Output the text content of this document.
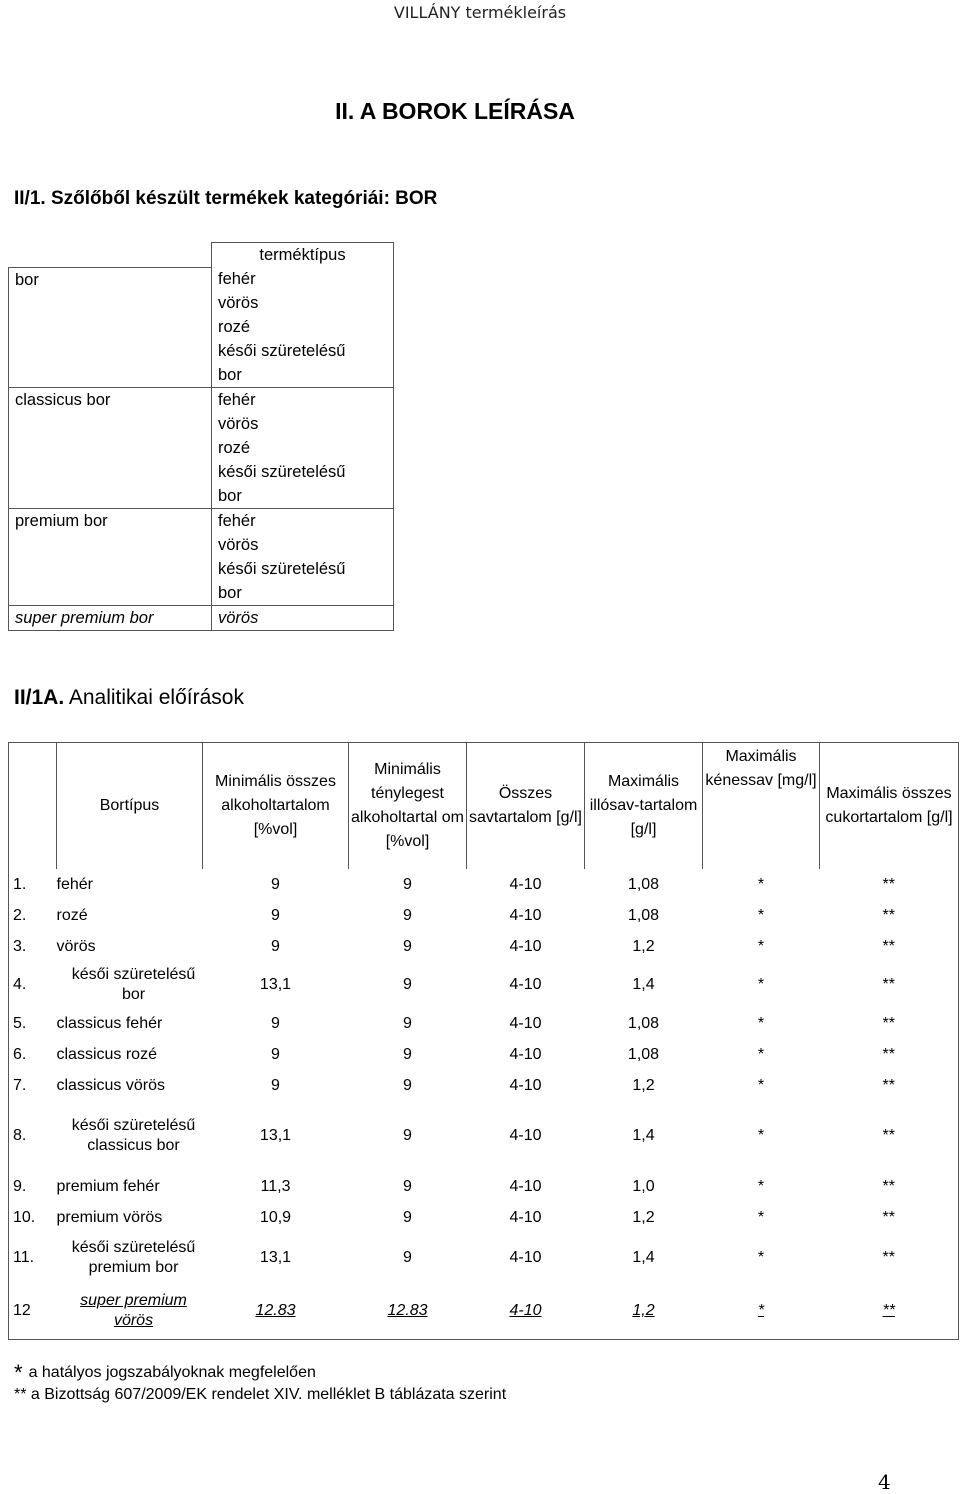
VILLÁNY termékleírás
II. A BOROK LEÍRÁSA
II/1. Szőlőből készült termékek kategóriái: BOR
	terméktípus

bor	fehér
vörös
rozé
késői szüretelésű
bor

classicus bor	fehér
vörös
rozé
késői szüretelésű
bor

premium bor	fehér
vörös
késői szüretelésű
bor

super premium bor	vörös
II/1A. Analitikai előírások
	Bortípus	Minimális összes alkoholtartalom [%vol]	Minimális ténylegest alkoholtartal om [%vol]	Összes savtartalom [g/l]	Maximális illósav-tartalom [g/l]	Maximális kénessav [mg/l]	Maximális összes cukortartalom [g/l]
1.	fehér	9	9	4-10	1,08	*	**
2.	rozé	9	9	4-10	1,08	*	**
3.	vörös	9	9	4-10	1,2	*	**
4.	késői szüretelésű bor	13,1	9	4-10	1,4	*	**
5.	classicus fehér	9	9	4-10	1,08	*	**
6.	classicus rozé	9	9	4-10	1,08	*	**
7.	classicus vörös	9	9	4-10	1,2	*	**
8.	késői szüretelésű classicus bor	13,1	9	4-10	1,4	*	**
9.	premium fehér	11,3	9	4-10	1,0	*	**
10.	premium vörös	10,9	9	4-10	1,2	*	**
11.	késői szüretelésű premium bor	13,1	9	4-10	1,4	*	**
12	super premium vörös	12.83	12.83	4-10	1,2	*	**
* a hatályos jogszabályoknak megfelelően
** a Bizottság 607/2009/EK rendelet XIV. melléklet B táblázata szerint
4
